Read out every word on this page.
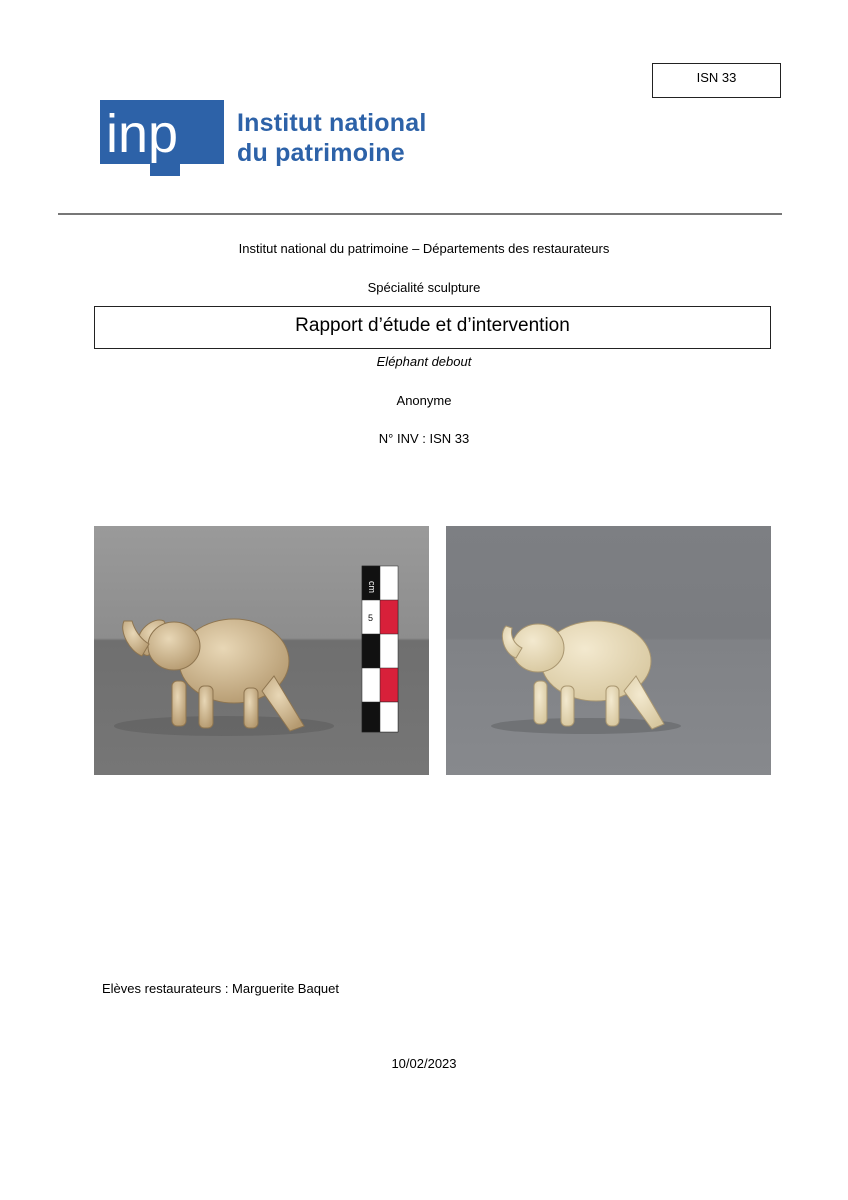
ISN 33
inp Institut national
du patrimoine
Institut national du patrimoine – Départements des restaurateurs
Spécialité sculpture
Rapport d’étude et d’intervention
Eléphant debout
Anonyme
N° INV : ISN 33
cm
5
Elèves restaurateurs : Marguerite Baquet
10/02/2023
